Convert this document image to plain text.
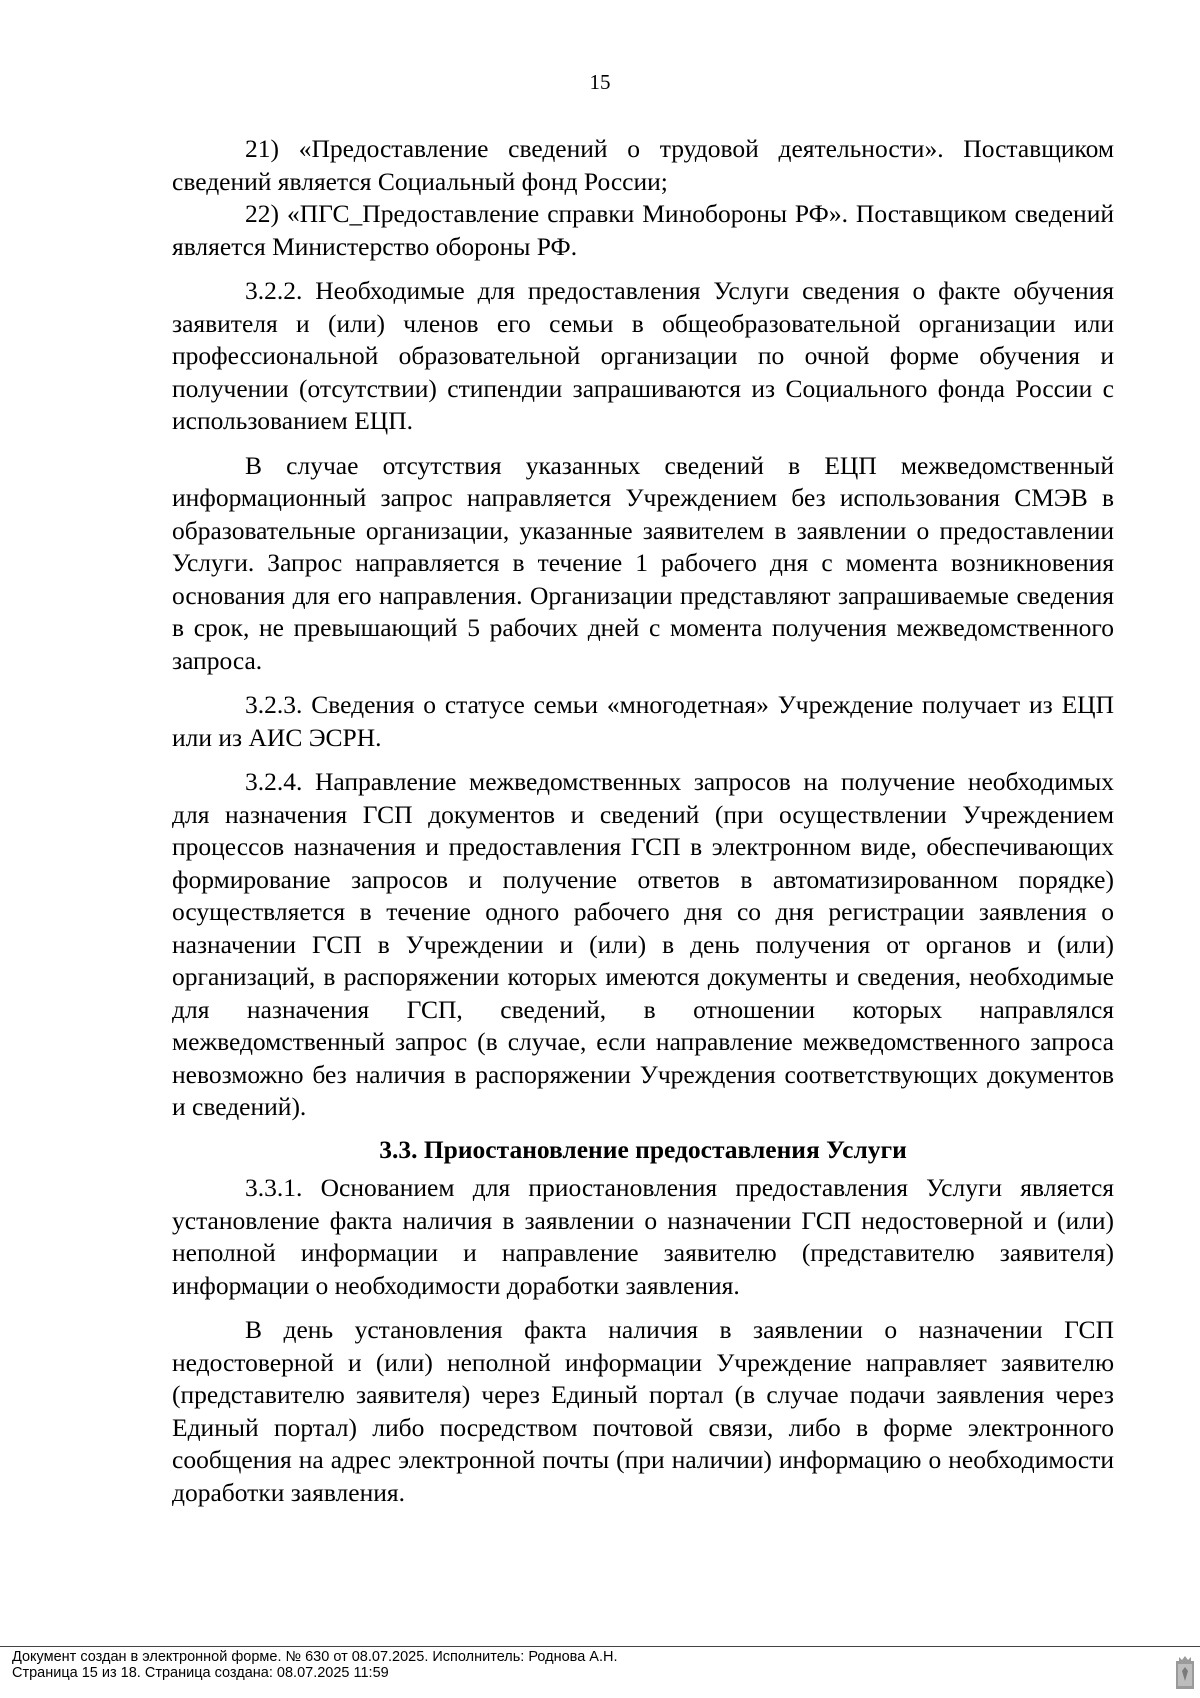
15

21) «Предоставление сведений о трудовой деятельности». Поставщиком сведений является Социальный фонд России;

22) «ПГС_Предоставление справки Минобороны РФ». Поставщиком сведений является Министерство обороны РФ.

3.2.2. Необходимые для предоставления Услуги сведения о факте обучения заявителя и (или) членов его семьи в общеобразовательной организации или профессиональной образовательной организации по очной форме обучения и получении (отсутствии) стипендии запрашиваются из Социального фонда России с использованием ЕЦП.

В случае отсутствия указанных сведений в ЕЦП межведомственный информационный запрос направляется Учреждением без использования СМЭВ в образовательные организации, указанные заявителем в заявлении о предоставлении Услуги. Запрос направляется в течение 1 рабочего дня с момента возникновения основания для его направления. Организации представляют запрашиваемые сведения в срок, не превышающий 5 рабочих дней с момента получения межведомственного запроса.

3.2.3. Сведения о статусе семьи «многодетная» Учреждение получает из ЕЦП или из АИС ЭСРН.

3.2.4. Направление межведомственных запросов на получение необходимых для назначения ГСП документов и сведений (при осуществлении Учреждением процессов назначения и предоставления ГСП в электронном виде, обеспечивающих формирование запросов и получение ответов в автоматизированном порядке) осуществляется в течение одного рабочего дня со дня регистрации заявления о назначении ГСП в Учреждении и (или) в день получения от органов и (или) организаций, в распоряжении которых имеются документы и сведения, необходимые для назначения ГСП, сведений, в отношении которых направлялся межведомственный запрос (в случае, если направление межведомственного запроса невозможно без наличия в распоряжении Учреждения соответствующих документов и сведений).

3.3. Приостановление предоставления Услуги

3.3.1. Основанием для приостановления предоставления Услуги является установление факта наличия в заявлении о назначении ГСП недостоверной и (или) неполной информации и направление заявителю (представителю заявителя) информации о необходимости доработки заявления.

В день установления факта наличия в заявлении о назначении ГСП недостоверной и (или) неполной информации Учреждение направляет заявителю (представителю заявителя) через Единый портал (в случае подачи заявления через Единый портал) либо посредством почтовой связи, либо в форме электронного сообщения на адрес электронной почты (при наличии) информацию о необходимости доработки заявления.

Документ создан в электронной форме. № 630 от 08.07.2025. Исполнитель: Роднова А.Н.
Страница 15 из 18. Страница создана: 08.07.2025 11:59
